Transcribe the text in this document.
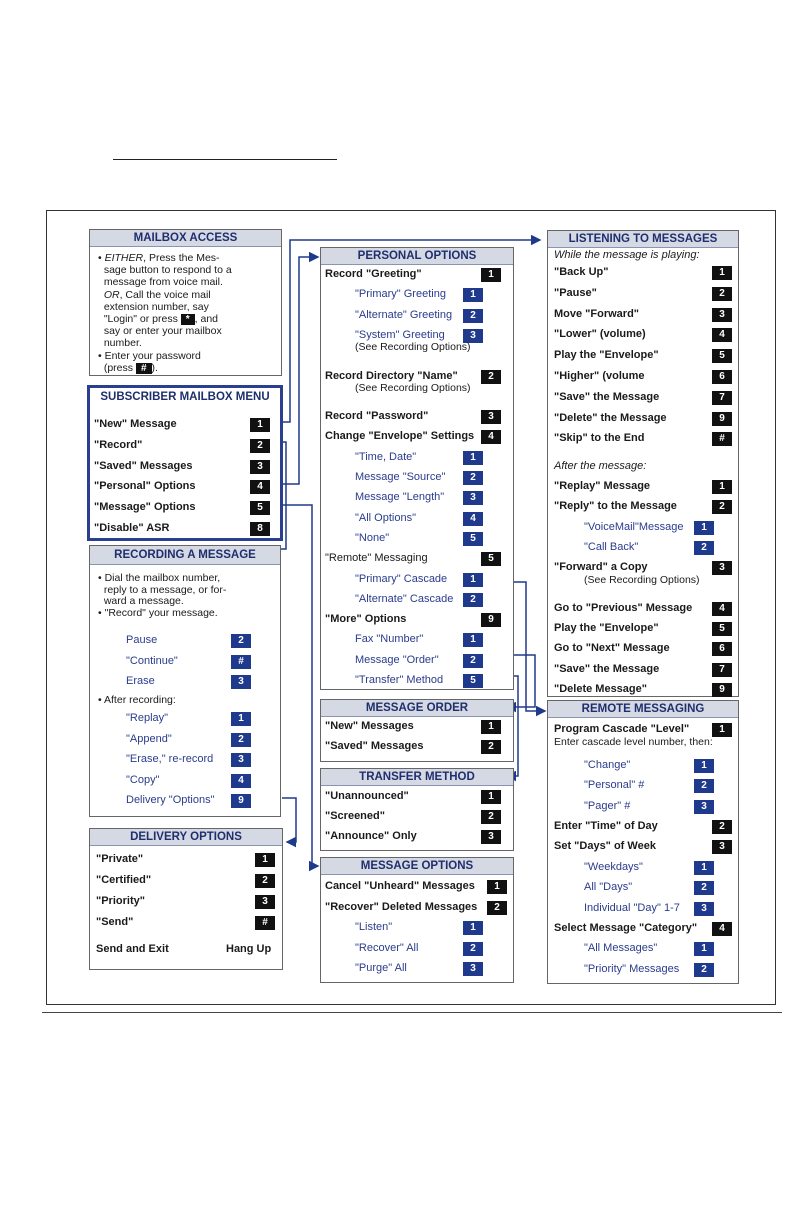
MAILBOX ACCESS
• EITHER, Press the Mes-
sage button to respond to a
message from voice mail.
OR, Call the voice mail
extension number, say
"Login" or press * , and
say or enter your mailbox
number.
• Enter your password
(press # ).
SUBSCRIBER MAILBOX MENU
"New" Message	1
"Record"	2
"Saved" Messages	3
"Personal" Options	4
"Message" Options	5
"Disable" ASR	8
RECORDING A MESSAGE
• Dial the mailbox number,
reply to a message, or for-
ward a message.
• "Record" your message.
Pause	2
"Continue"	#
Erase	3
• After recording:
"Replay"	1
"Append"	2
"Erase," re-record	3
"Copy"	4
Delivery "Options"	9
DELIVERY OPTIONS
"Private"	1
"Certified"	2
"Priority"	3
"Send"	#
Send and Exit	Hang Up
PERSONAL OPTIONS
Record "Greeting"	1
"Primary" Greeting	1
"Alternate" Greeting	2
"System" Greeting	3
(See Recording Options)
Record Directory "Name"	2
(See Recording Options)
Record "Password"	3
Change "Envelope" Settings	4
"Time, Date"	1
Message "Source"	2
Message "Length"	3
"All Options"	4
"None"	5
"Remote" Messaging	5
"Primary" Cascade	1
"Alternate" Cascade	2
"More" Options	9
Fax "Number"	1
Message "Order"	2
"Transfer" Method	5
MESSAGE ORDER
"New" Messages	1
"Saved" Messages	2
TRANSFER METHOD
"Unannounced"	1
"Screened"	2
"Announce" Only	3
MESSAGE OPTIONS
Cancel "Unheard" Messages	1
"Recover" Deleted Messages	2
"Listen"	1
"Recover" All	2
"Purge" All	3
LISTENING TO MESSAGES
While the message is playing:
"Back Up"	1
"Pause"	2
Move "Forward"	3
"Lower" (volume)	4
Play the "Envelope"	5
"Higher" (volume	6
"Save" the Message	7
"Delete" the Message	9
"Skip" to the End	#
After the message:
"Replay" Message	1
"Reply" to the Message	2
"VoiceMail"Message	1
"Call Back"	2
"Forward" a Copy	3
(See Recording Options)
Go to "Previous" Message	4
Play the "Envelope"	5
Go to "Next" Message	6
"Save" the Message	7
"Delete Message"	9
REMOTE MESSAGING
Program Cascade "Level"	1
Enter cascade level number, then:
"Change"	1
"Personal" #	2
"Pager" #	3
Enter "Time" of Day	2
Set "Days" of Week	3
"Weekdays"	1
All "Days"	2
Individual "Day" 1-7	3
Select Message "Category"	4
"All Messages"	1
"Priority" Messages	2
